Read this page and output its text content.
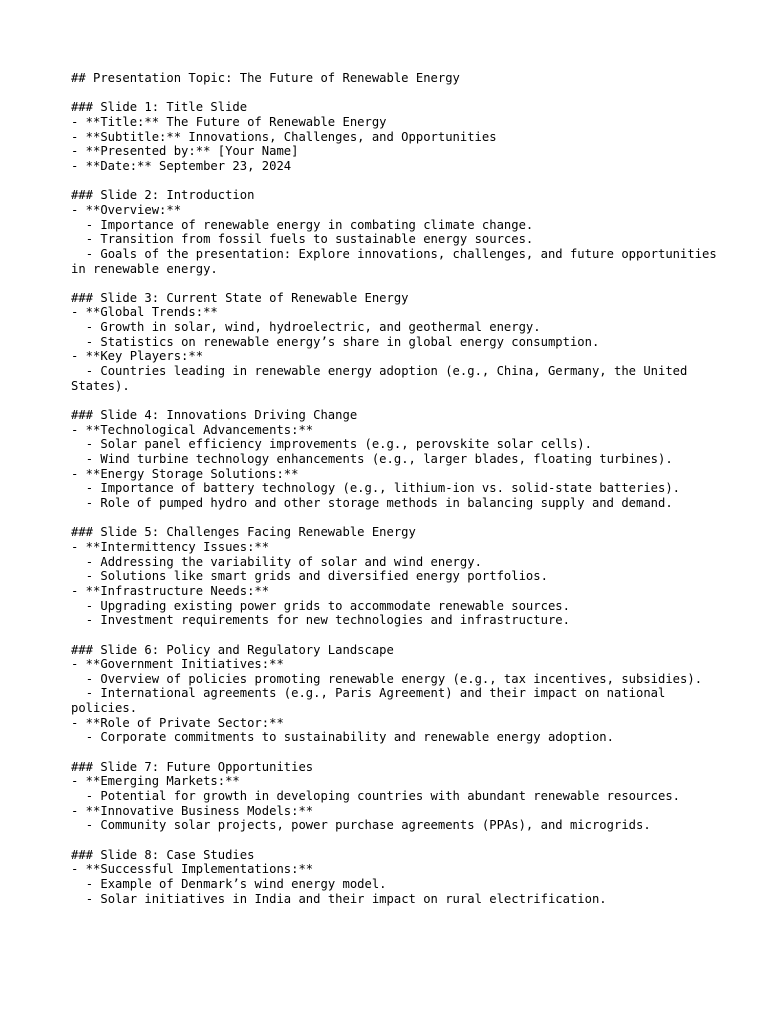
## Presentation Topic: The Future of Renewable Energy
### Slide 1: Title Slide
- **Title:** The Future of Renewable Energy
- **Subtitle:** Innovations, Challenges, and Opportunities
- **Presented by:** [Your Name]
- **Date:** September 23, 2024
### Slide 2: Introduction
- **Overview:**
- Importance of renewable energy in combating climate change.
- Transition from fossil fuels to sustainable energy sources.
- Goals of the presentation: Explore innovations, challenges, and future opportunities in renewable energy.
### Slide 3: Current State of Renewable Energy
- **Global Trends:**
- Growth in solar, wind, hydroelectric, and geothermal energy.
- Statistics on renewable energy’s share in global energy consumption.
- **Key Players:**
- Countries leading in renewable energy adoption (e.g., China, Germany, the United States).
### Slide 4: Innovations Driving Change
- **Technological Advancements:**
- Solar panel efficiency improvements (e.g., perovskite solar cells).
- Wind turbine technology enhancements (e.g., larger blades, floating turbines).
- **Energy Storage Solutions:**
- Importance of battery technology (e.g., lithium-ion vs. solid-state batteries).
- Role of pumped hydro and other storage methods in balancing supply and demand.
### Slide 5: Challenges Facing Renewable Energy
- **Intermittency Issues:**
- Addressing the variability of solar and wind energy.
- Solutions like smart grids and diversified energy portfolios.
- **Infrastructure Needs:**
- Upgrading existing power grids to accommodate renewable sources.
- Investment requirements for new technologies and infrastructure.
### Slide 6: Policy and Regulatory Landscape
- **Government Initiatives:**
- Overview of policies promoting renewable energy (e.g., tax incentives, subsidies).
- International agreements (e.g., Paris Agreement) and their impact on national policies.
- **Role of Private Sector:**
- Corporate commitments to sustainability and renewable energy adoption.
### Slide 7: Future Opportunities
- **Emerging Markets:**
- Potential for growth in developing countries with abundant renewable resources.
- **Innovative Business Models:**
- Community solar projects, power purchase agreements (PPAs), and microgrids.
### Slide 8: Case Studies
- **Successful Implementations:**
- Example of Denmark’s wind energy model.
- Solar initiatives in India and their impact on rural electrification.
